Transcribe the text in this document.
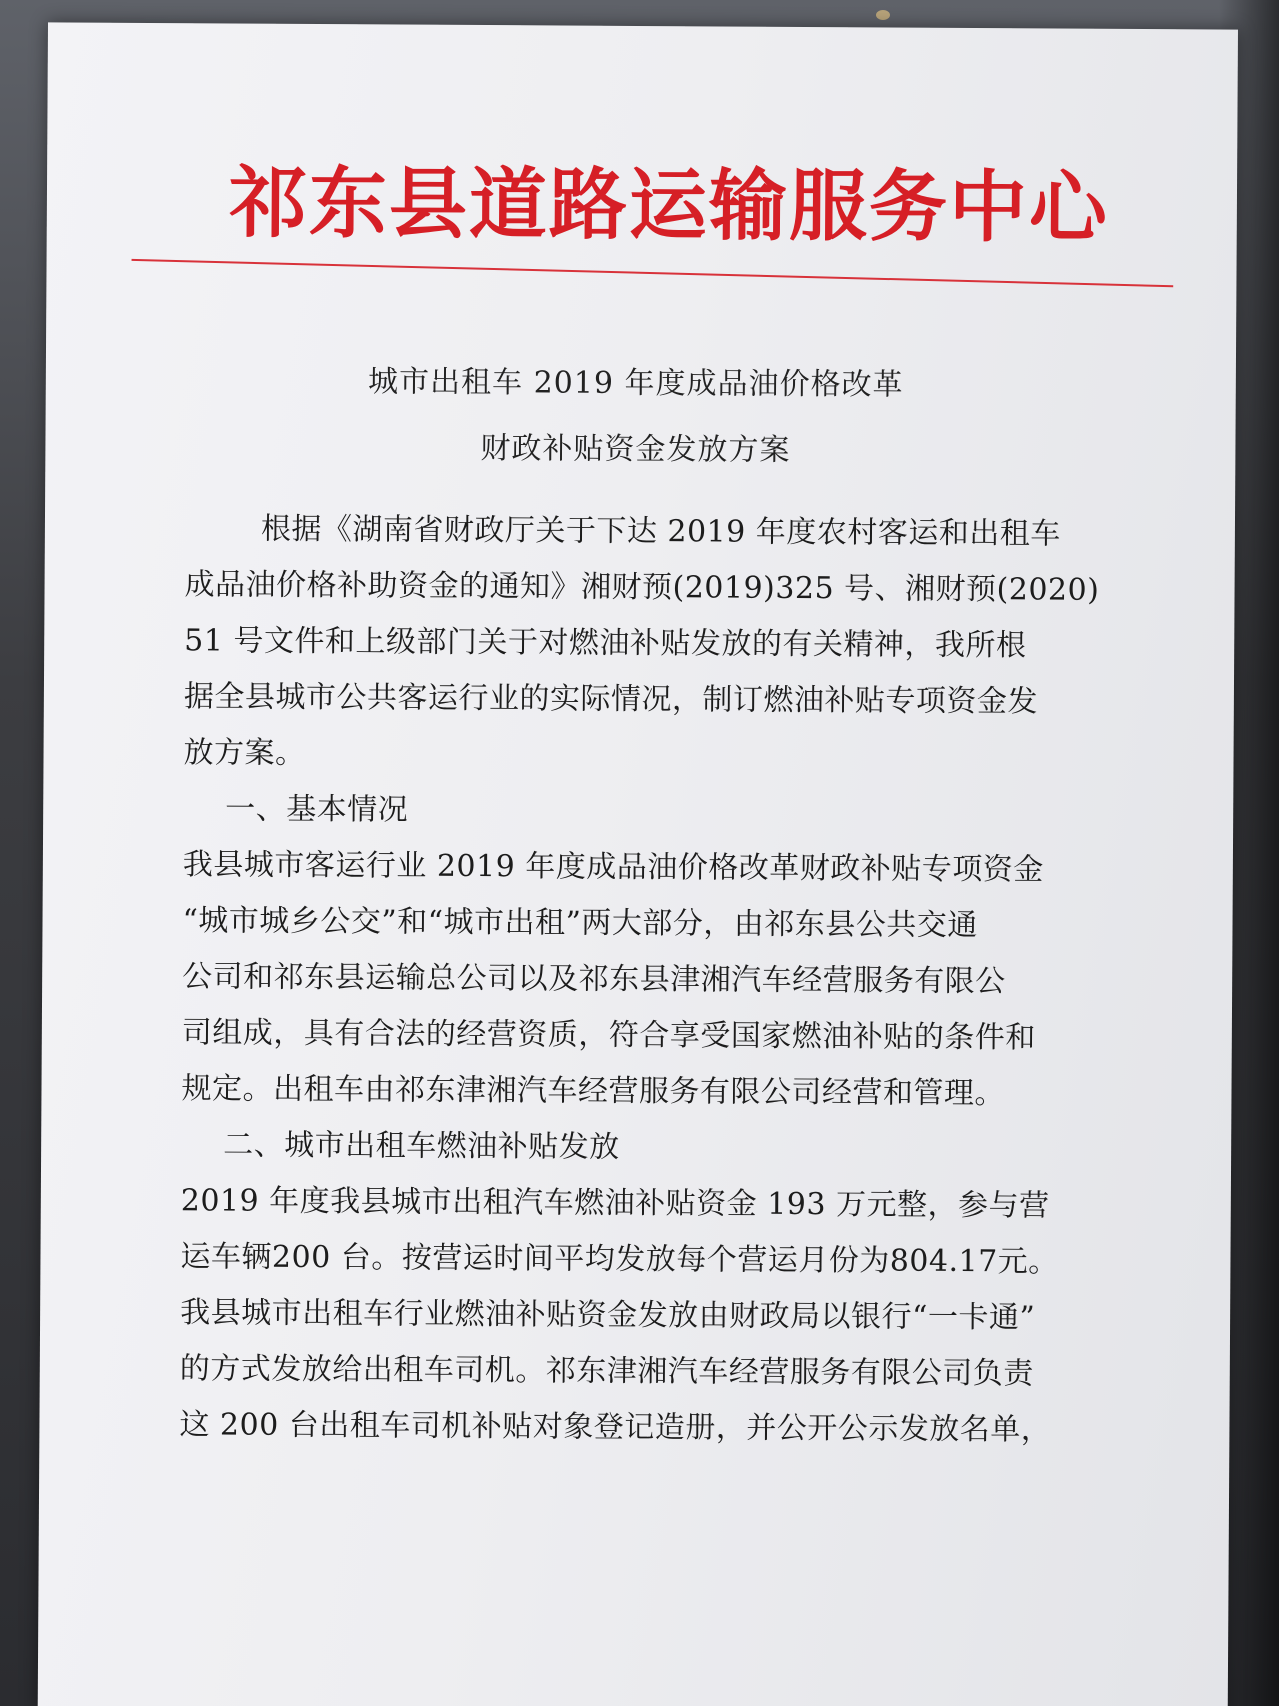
祁东县道路运输服务中心
城市出租车 2019 年度成品油价格改革
财政补贴资金发放方案
根据《湖南省财政厅关于下达 2019 年度农村客运和出租车
成品油价格补助资金的通知》湘财预(2019)325 号、湘财预(2020)
51 号文件和上级部门关于对燃油补贴发放的有关精神，我所根
据全县城市公共客运行业的实际情况，制订燃油补贴专项资金发
放方案。
一、基本情况
我县城市客运行业 2019 年度成品油价格改革财政补贴专项资金
“城市城乡公交”和“城市出租”两大部分，由祁东县公共交通
公司和祁东县运输总公司以及祁东县津湘汽车经营服务有限公
司组成，具有合法的经营资质，符合享受国家燃油补贴的条件和
规定。出租车由祁东津湘汽车经营服务有限公司经营和管理。
二、城市出租车燃油补贴发放
2019 年度我县城市出租汽车燃油补贴资金 193 万元整，参与营
运车辆200 台。按营运时间平均发放每个营运月份为804.17元。
我县城市出租车行业燃油补贴资金发放由财政局以银行“一卡通”
的方式发放给出租车司机。祁东津湘汽车经营服务有限公司负责
这 200 台出租车司机补贴对象登记造册，并公开公示发放名单，
